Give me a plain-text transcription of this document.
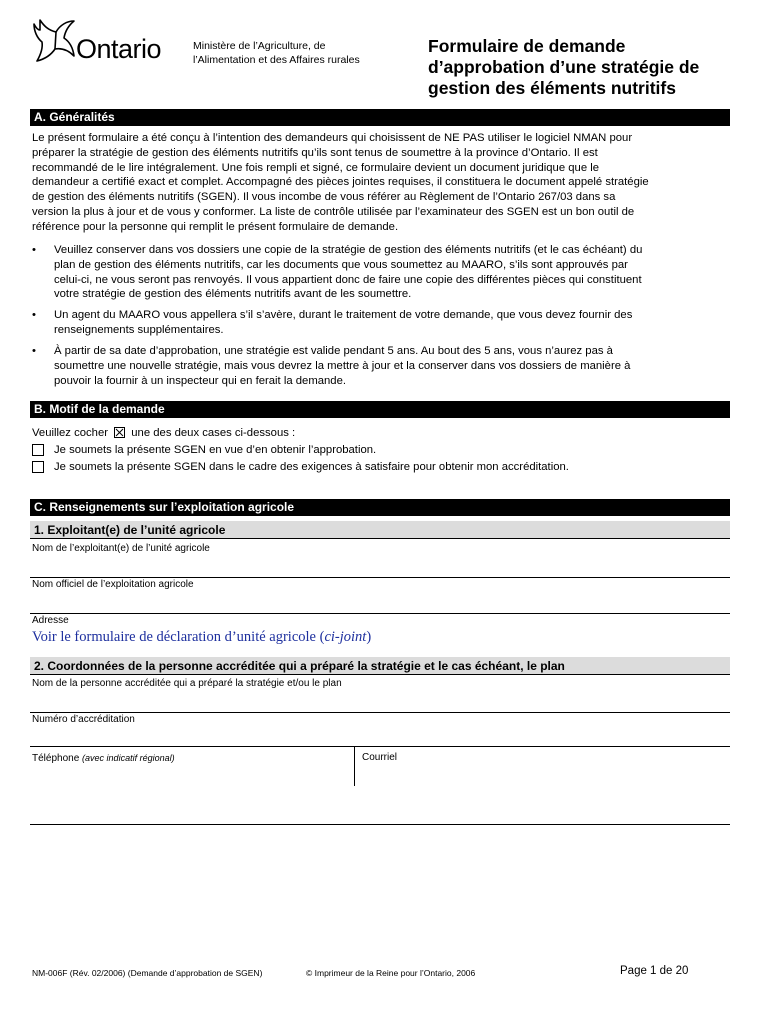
Ontario	Ministère de l’Agriculture, de
l’Alimentation et des Affaires rurales
Formulaire de demande
d’approbation d’une stratégie de
gestion des éléments nutritifs
A. Généralités
Le présent formulaire a été conçu à l’intention des demandeurs qui choisissent de NE PAS utiliser le logiciel NMAN pour
préparer la stratégie de gestion des éléments nutritifs qu’ils sont tenus de soumettre à la province d’Ontario. Il est
recommandé de le lire intégralement. Une fois rempli et signé, ce formulaire devient un document juridique que le
demandeur a certifié exact et complet. Accompagné des pièces jointes requises, il constituera le document appelé stratégie
de gestion des éléments nutritifs (SGEN). Il vous incombe de vous référer au Règlement de l’Ontario 267/03 dans sa
version la plus à jour et de vous y conformer. La liste de contrôle utilisée par l’examinateur des SGEN est un bon outil de
référence pour la personne qui remplit le présent formulaire de demande.
• Veuillez conserver dans vos dossiers une copie de la stratégie de gestion des éléments nutritifs (et le cas échéant) du
plan de gestion des éléments nutritifs, car les documents que vous soumettez au MAARO, s’ils sont approuvés par
celui-ci, ne vous seront pas renvoyés. Il vous appartient donc de faire une copie des différentes pièces qui constituent
votre stratégie de gestion des éléments nutritifs avant de les soumettre.
• Un agent du MAARO vous appellera s’il s’avère, durant le traitement de votre demande, que vous devez fournir des
renseignements supplémentaires.
• À partir de sa date d’approbation, une stratégie est valide pendant 5 ans. Au bout des 5 ans, vous n’aurez pas à
soumettre une nouvelle stratégie, mais vous devrez la mettre à jour et la conserver dans vos dossiers de manière à
pouvoir la fournir à un inspecteur qui en ferait la demande.
B. Motif de la demande
Veuillez cocher une des deux cases ci-dessous :
Je soumets la présente SGEN en vue d’en obtenir l’approbation.
Je soumets la présente SGEN dans le cadre des exigences à satisfaire pour obtenir mon accréditation.
C. Renseignements sur l’exploitation agricole
1. Exploitant(e) de l’unité agricole
Nom de l’exploitant(e) de l’unité agricole
Nom officiel de l’exploitation agricole
Adresse
Voir le formulaire de déclaration d’unité agricole (ci-joint)
2. Coordonnées de la personne accréditée qui a préparé la stratégie et le cas échéant, le plan
Nom de la personne accréditée qui a préparé la stratégie et/ou le plan
Numéro d’accréditation
Téléphone (avec indicatif régional)	Courriel
NM-006F (Rév. 02/2006) (Demande d’approbation de SGEN)	© Imprimeur de la Reine pour l’Ontario, 2006	Page 1 de 20
